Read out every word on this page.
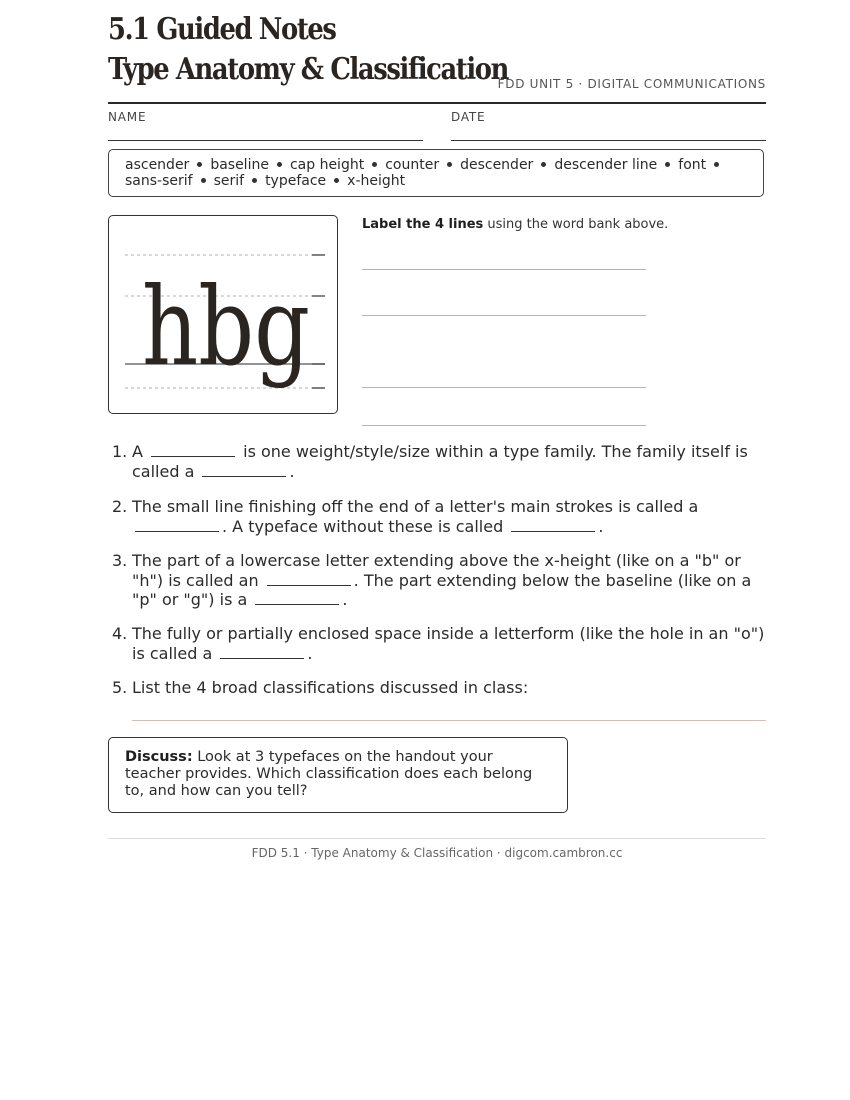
5.1 Guided Notes
Type Anatomy & Classification
FDD UNIT 5 · DIGITAL COMMUNICATIONS
NAME	DATE
ascender baseline cap height counter descender descender line font
sans-serif serif typeface x-height
hbg
Label the 4 lines using the word bank above.
1. A	is one weight/style/size within a type family. The family itself is called a	.
2. The small line finishing off the end of a letter's main strokes is called a . A typeface without these is called	.
3. The part of a lowercase letter extending above the x-height (like on a "b" or "h") is called an	. The part extending below the baseline (like on a "p" or "g") is a	.
4. The fully or partially enclosed space inside a letterform (like the hole in an "o") is called a	.
5. List the 4 broad classifications discussed in class:
Discuss: Look at 3 typefaces on the handout your teacher provides. Which classification does each belong to, and how can you tell?
FDD 5.1 · Type Anatomy & Classification · digcom.cambron.cc
